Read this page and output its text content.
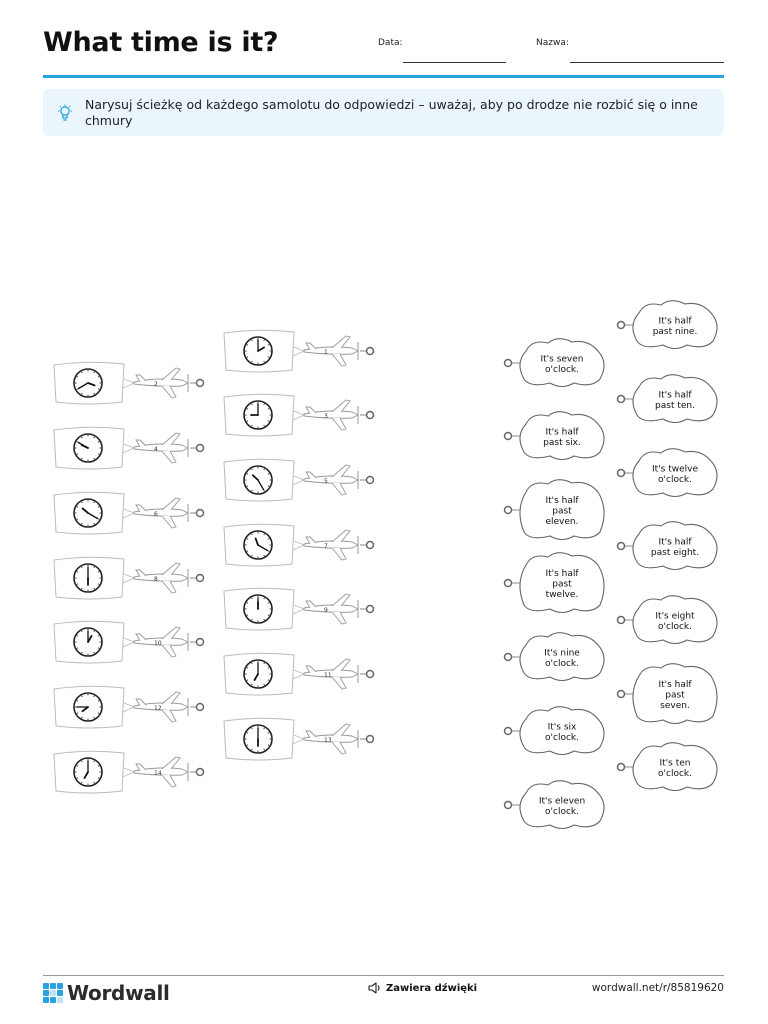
What time is it?	Data:	Nazwa:
Narysuj ścieżkę od każdego samolotu do odpowiedzi – uważaj, aby po drodze nie rozbić się o inne chmury
1
2
3
4
5
6
7
8
9
10
11
12
13
14
It's seven
o'clock.
It's half
past six.
It's half
past
eleven.
It's half
past
twelve.
It's nine
o'clock.
It's six
o'clock.
It's eleven
o'clock.
It's half
past nine.
It's half
past ten.
It's twelve
o'clock.
It's half
past eight.
It's eight
o'clock.
It's half
past
seven.
It's ten
o'clock.
Wordwall	Zawiera dźwięki	wordwall.net/r/85819620
